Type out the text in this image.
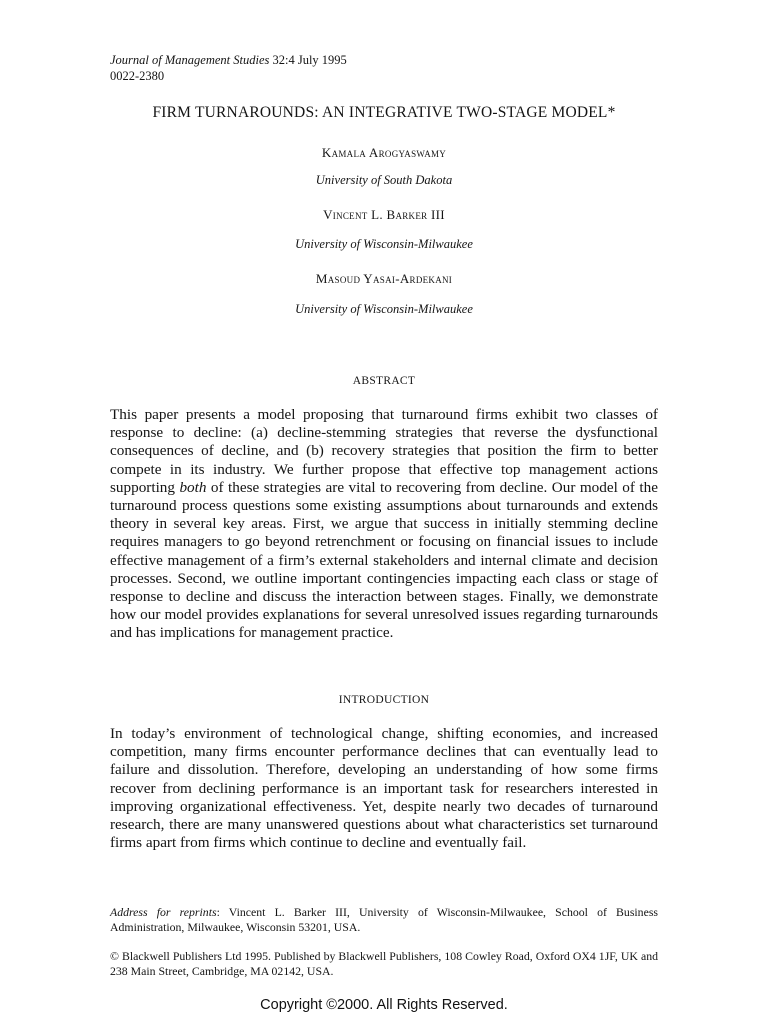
Journal of Management Studies 32:4 July 1995
0022-2380
FIRM TURNAROUNDS: AN INTEGRATIVE TWO-STAGE MODEL*
Kamala Arogyaswamy
University of South Dakota
Vincent L. Barker III
University of Wisconsin-Milwaukee
Masoud Yasai-Ardekani
University of Wisconsin-Milwaukee
ABSTRACT

This paper presents a model proposing that turnaround firms exhibit two classes of response to decline: (a) decline-stemming strategies that reverse the dysfunctional consequences of decline, and (b) recovery strategies that position the firm to better compete in its industry. We further propose that effective top management actions supporting both of these strategies are vital to recovering from decline. Our model of the turnaround process questions some existing assumptions about turnarounds and extends theory in several key areas. First, we argue that success in initially stemming decline requires managers to go beyond retrenchment or focusing on financial issues to include effective management of a firm’s external stakeholders and internal climate and decision processes. Second, we outline important contingencies impacting each class or stage of response to decline and discuss the interaction between stages. Finally, we demonstrate how our model provides explanations for several unresolved issues regarding turnarounds and has implications for management practice.

INTRODUCTION

In today’s environment of technological change, shifting economies, and increased competition, many firms encounter performance declines that can eventually lead to failure and dissolution. Therefore, developing an understanding of how some firms recover from declining performance is an important task for researchers interested in improving organizational effectiveness. Yet, despite nearly two decades of turnaround research, there are many unanswered questions about what characteristics set turnaround firms apart from firms which continue to decline and eventually fail.

Address for reprints: Vincent L. Barker III, University of Wisconsin-Milwaukee, School of Business Administration, Milwaukee, Wisconsin 53201, USA.

© Blackwell Publishers Ltd 1995. Published by Blackwell Publishers, 108 Cowley Road, Oxford OX4 1JF, UK and 238 Main Street, Cambridge, MA 02142, USA.

Copyright ©2000. All Rights Reserved.
